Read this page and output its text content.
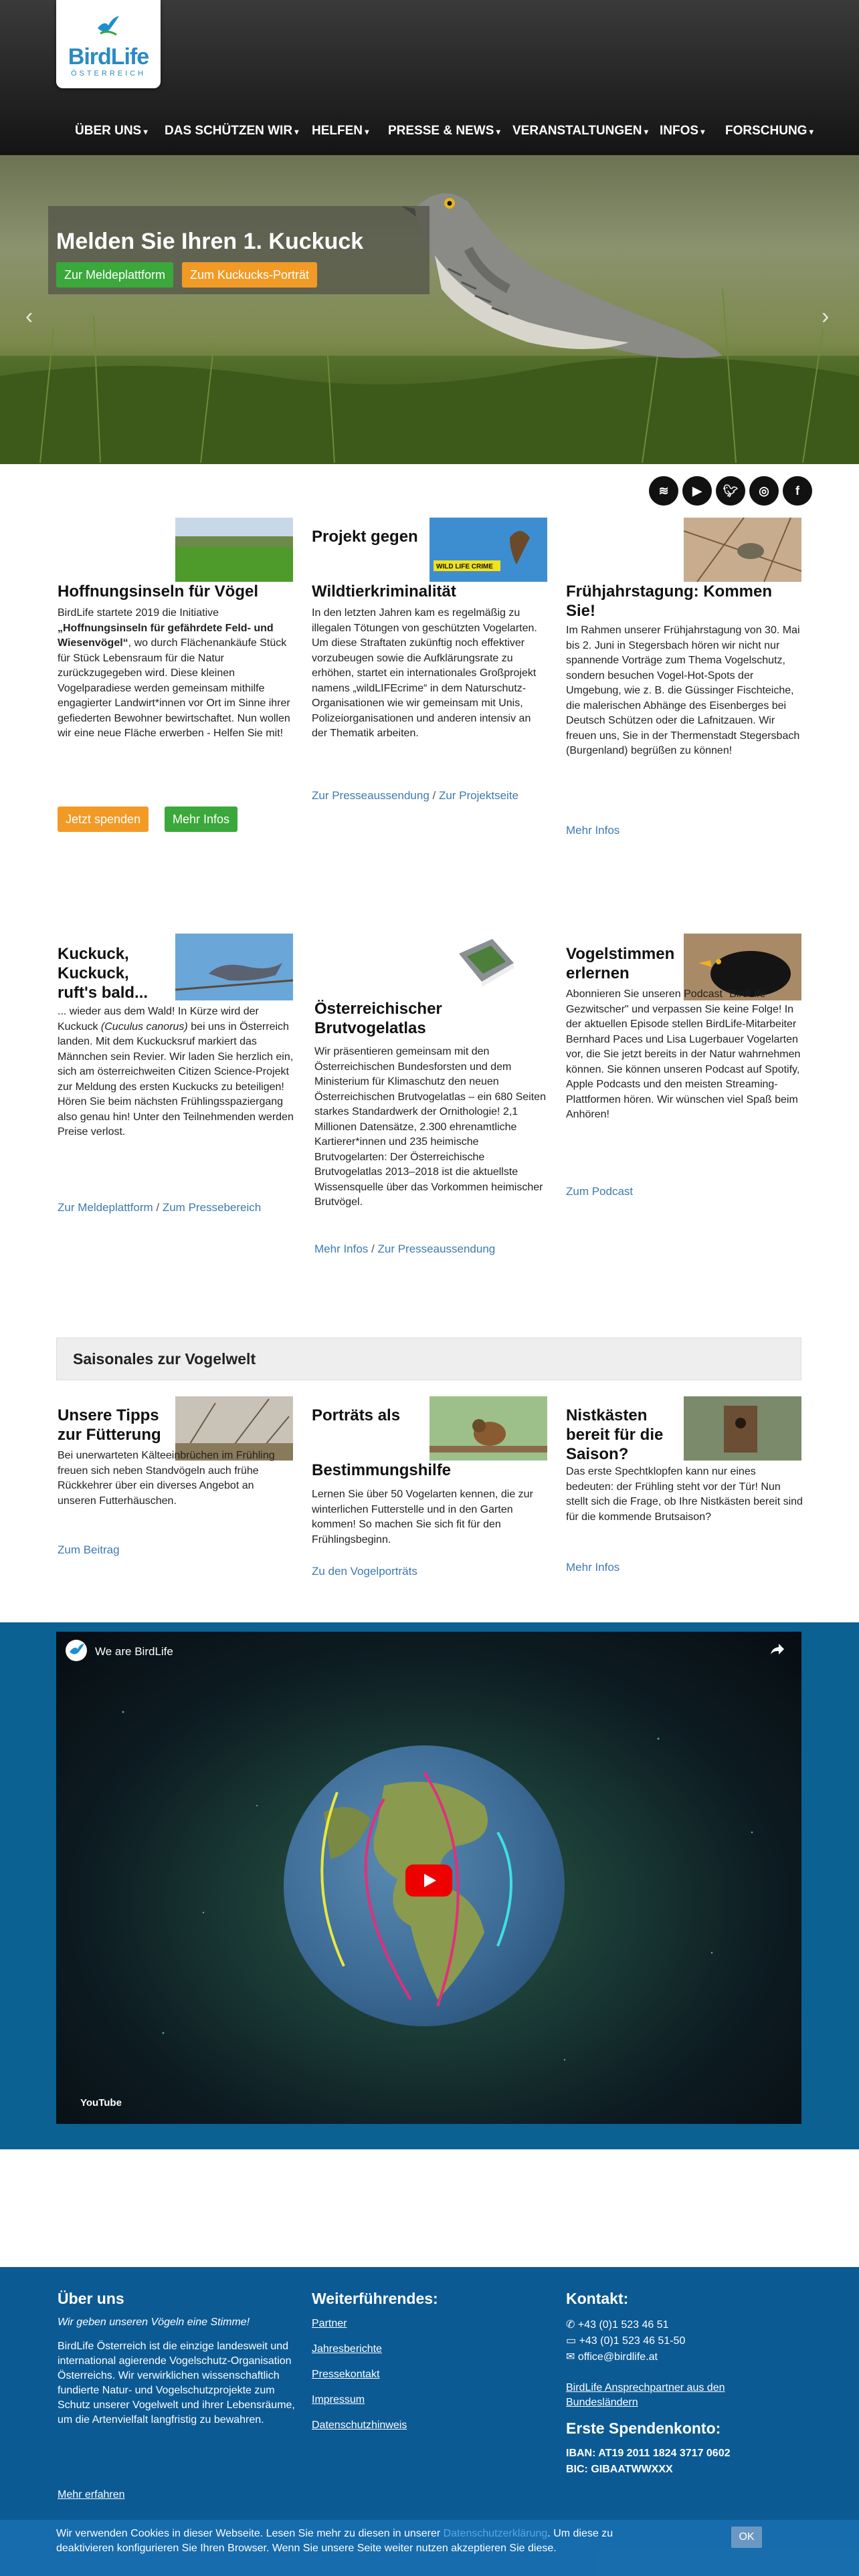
BirdLife
ÖSTERREICH
ÜBER UNS ▾ DAS SCHÜTZEN WIR ▾ HELFEN ▾ PRESSE & NEWS ▾ VERANSTALTUNGEN ▾ INFOS ▾ FORSCHUNG ▾
Melden Sie Ihren 1. Kuckuck
Zur Meldeplattform	Zum Kuckucks-Porträt
‹	›
≋	▶	🐦︎	◎	f
Hoffnungsinseln für Vögel
BirdLife startete 2019 die Initiative „Hoffnungsinseln für gefährdete Feld- und Wiesenvögel“, wo durch Flächenankäufe Stück für Stück Lebensraum für die Natur zurückzugegeben wird. Diese kleinen Vogelparadiese werden gemeinsam mithilfe engagierter Landwirt*innen vor Ort im Sinne ihrer gefiederten Bewohner bewirtschaftet. Nun wollen wir eine neue Fläche erwerben - Helfen Sie mit!
Jetzt spenden	Mehr Infos
Projekt gegen
WILD LIFE CRIME
Wildtierkriminalität
In den letzten Jahren kam es regelmäßig zu illegalen Tötungen von geschützten Vogelarten. Um diese Straftaten zukünftig noch effektiver vorzubeugen sowie die Aufklärungsrate zu erhöhen, startet ein internationales Großprojekt namens „wildLIFEcrime“ in dem Naturschutz-Organisationen wie wir gemeinsam mit Unis, Polizeiorganisationen und anderen intensiv an der Thematik arbeiten.
Zur Presseaussendung / Zur Projektseite
Frühjahrstagung: Kommen Sie!
Im Rahmen unserer Frühjahrstagung von 30. Mai bis 2. Juni in Stegersbach hören wir nicht nur spannende Vorträge zum Thema Vogelschutz, sondern besuchen Vogel-Hot-Spots der Umgebung, wie z. B. die Güssinger Fischteiche, die malerischen Abhänge des Eisenberges bei Deutsch Schützen oder die Lafnitzauen. Wir freuen uns, Sie in der Thermenstadt Stegersbach (Burgenland) begrüßen zu können!
Mehr Infos
Kuckuck, Kuckuck, ruft's bald...
... wieder aus dem Wald! In Kürze wird der Kuckuck (Cuculus canorus) bei uns in Österreich landen. Mit dem Kuckucksruf markiert das Männchen sein Revier. Wir laden Sie herzlich ein, sich am österreichweiten Citizen Science-Projekt zur Meldung des ersten Kuckucks zu beteiligen! Hören Sie beim nächsten Frühlingsspaziergang also genau hin! Unter den Teilnehmenden werden Preise verlost.
Zur Meldeplattform / Zum Pressebereich
Österreichischer Brutvogelatlas
Wir präsentieren gemeinsam mit den Österreichischen Bundesforsten und dem Ministerium für Klimaschutz den neuen Österreichischen Brutvogelatlas – ein 680 Seiten starkes Standardwerk der Ornithologie! 2,1 Millionen Datensätze, 2.300 ehrenamtliche Kartierer*innen und 235 heimische Brutvogelarten: Der Österreichische Brutvogelatlas 2013–2018 ist die aktuellste Wissensquelle über das Vorkommen heimischer Brutvögel.
Mehr Infos / Zur Presseaussendung
Vogelstimmen erlernen
Abonnieren Sie unseren Podcast "BirdLife Gezwitscher" und verpassen Sie keine Folge! In der aktuellen Episode stellen BirdLife-Mitarbeiter Bernhard Paces und Lisa Lugerbauer Vogelarten vor, die Sie jetzt bereits in der Natur wahrnehmen können. Sie können unseren Podcast auf Spotify, Apple Podcasts und den meisten Streaming-Plattformen hören. Wir wünschen viel Spaß beim Anhören!
Zum Podcast
Saisonales zur Vogelwelt
Unsere Tipps zur Fütterung
Bei unerwarteten Kälteeinbrüchen im Frühling freuen sich neben Standvögeln auch frühe Rückkehrer über ein diverses Angebot an unseren Futterhäuschen.
Zum Beitrag
Porträts als
Bestimmungshilfe
Lernen Sie über 50 Vogelarten kennen, die zur winterlichen Futterstelle und in den Garten kommen! So machen Sie sich fit für den Frühlingsbeginn.
Zu den Vogelporträts
Nistkästen bereit für die Saison?
Das erste Spechtklopfen kann nur eines bedeuten: der Frühling steht vor der Tür! Nun stellt sich die Frage, ob Ihre Nistkästen bereit sind für die kommende Brutsaison?
Mehr Infos
We are BirdLife
YouTube
Über uns
Wir geben unseren Vögeln eine Stimme!
BirdLife Österreich ist die einzige landesweit und international agierende Vogelschutz-Organisation Österreichs. Wir verwirklichen wissenschaftlich fundierte Natur- und Vogelschutzprojekte zum Schutz unserer Vogelwelt und ihrer Lebensräume, um die Artenvielfalt langfristig zu bewahren.
Mehr erfahren
Weiterführendes:
Partner
Jahresberichte
Pressekontakt
Impressum
Datenschutzhinweis
Kontakt:
✆ +43 (0)1 523 46 51
▭ +43 (0)1 523 46 51-50
✉ office@birdlife.at
BirdLife Ansprechpartner aus den Bundesländern
Erste Spendenkonto:
IBAN: AT19 2011 1824 3717 0602
BIC: GIBAATWWXXX
Wir verwenden Cookies in dieser Webseite. Lesen Sie mehr zu diesen in unserer Datenschutzerklärung. Um diese zu deaktivieren konfigurieren Sie Ihren Browser. Wenn Sie unsere Seite weiter nutzen akzeptieren Sie diese.
OK
